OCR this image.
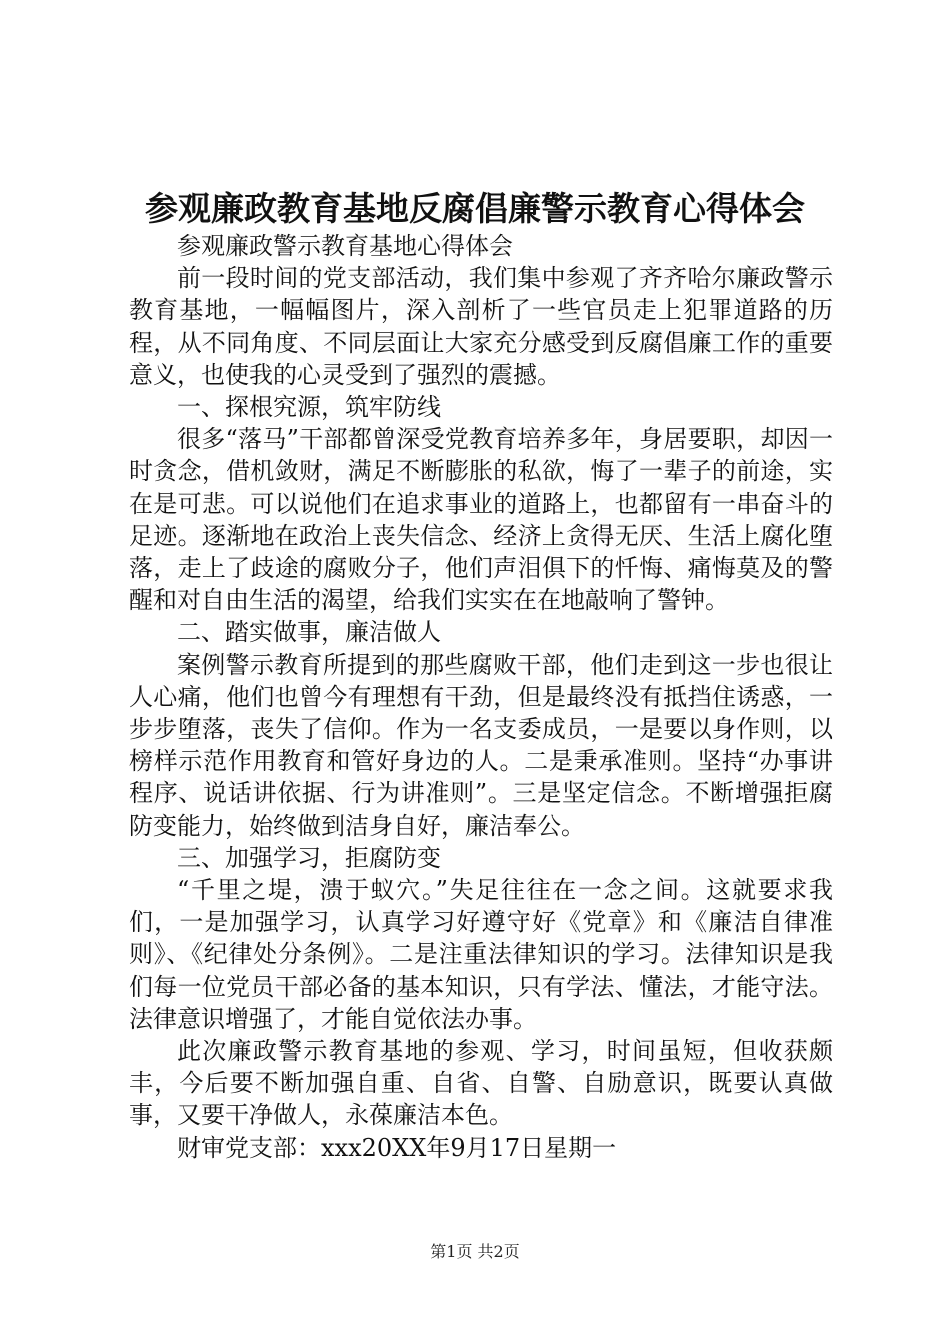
参观廉政教育基地反腐倡廉警示教育心得体会

参观廉政警示教育基地心得体会

前一段时间的党支部活动，我们集中参观了齐齐哈尔廉政警示教育基地，一幅幅图片，深入剖析了一些官员走上犯罪道路的历程，从不同角度、不同层面让大家充分感受到反腐倡廉工作的重要意义，也使我的心灵受到了强烈的震撼。

一、探根究源，筑牢防线

很多“落马”干部都曾深受党教育培养多年，身居要职，却因一时贪念，借机敛财，满足不断膨胀的私欲，悔了一辈子的前途，实在是可悲。可以说他们在追求事业的道路上，也都留有一串奋斗的足迹。逐渐地在政治上丧失信念、经济上贪得无厌、生活上腐化堕落，走上了歧途的腐败分子，他们声泪俱下的忏悔、痛悔莫及的警醒和对自由生活的渴望，给我们实实在在地敲响了警钟。

二、踏实做事，廉洁做人

案例警示教育所提到的那些腐败干部，他们走到这一步也很让人心痛，他们也曾今有理想有干劲，但是最终没有抵挡住诱惑，一步步堕落，丧失了信仰。作为一名支委成员，一是要以身作则，以榜样示范作用教育和管好身边的人。二是秉承准则。坚持“办事讲程序、说话讲依据、行为讲准则”。三是坚定信念。不断增强拒腐防变能力，始终做到洁身自好，廉洁奉公。

三、加强学习，拒腐防变

“千里之堤，溃于蚁穴。”失足往往在一念之间。这就要求我们，一是加强学习，认真学习好遵守好《党章》和《廉洁自律准则》、《纪律处分条例》。二是注重法律知识的学习。法律知识是我们每一位党员干部必备的基本知识，只有学法、懂法，才能守法。法律意识增强了，才能自觉依法办事。

此次廉政警示教育基地的参观、学习，时间虽短，但收获颇丰，今后要不断加强自重、自省、自警、自励意识，既要认真做事，又要干净做人，永葆廉洁本色。

财审党支部：xxx20XX年9月17日星期一

第1页 共2页
